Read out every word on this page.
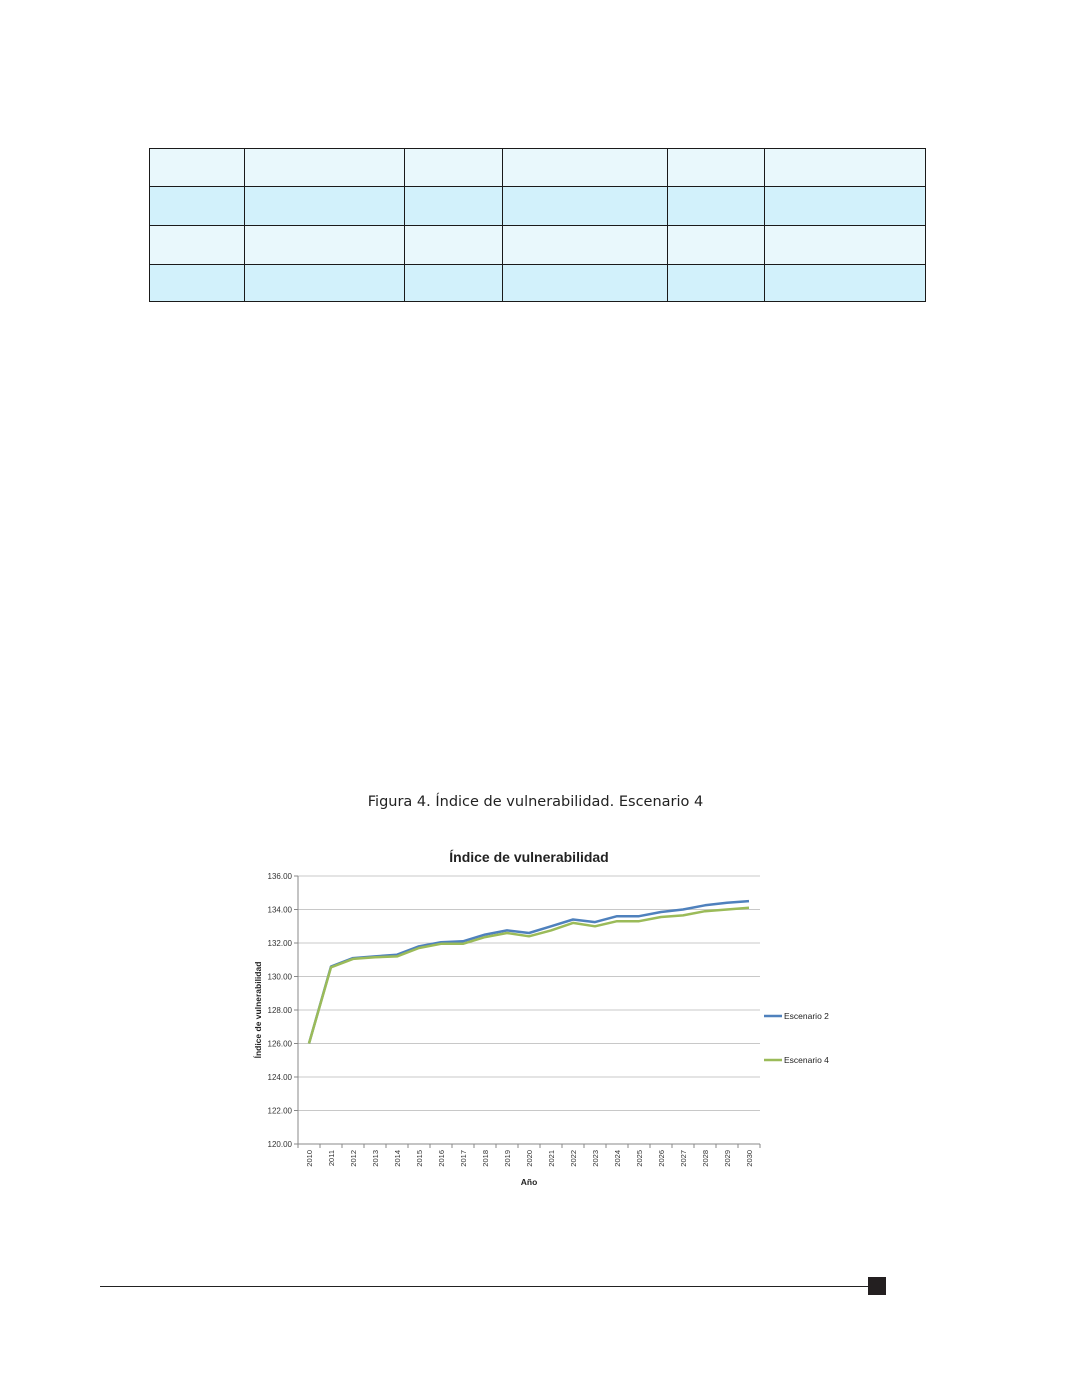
Figura 4. Índice de vulnerabilidad. Escenario 4
Índice de vulnerabilidad
120.00
122.00
124.00
126.00
128.00
130.00
132.00
134.00
136.00
2010 2011 2012 2013 2014 2015 2016 2017 2018 2019 2020 2021 2022 2023 2024 2025 2026 2027 2028 2029 2030
Año
Índice de vulnerabilidad	Escenario 2
Escenario 4
